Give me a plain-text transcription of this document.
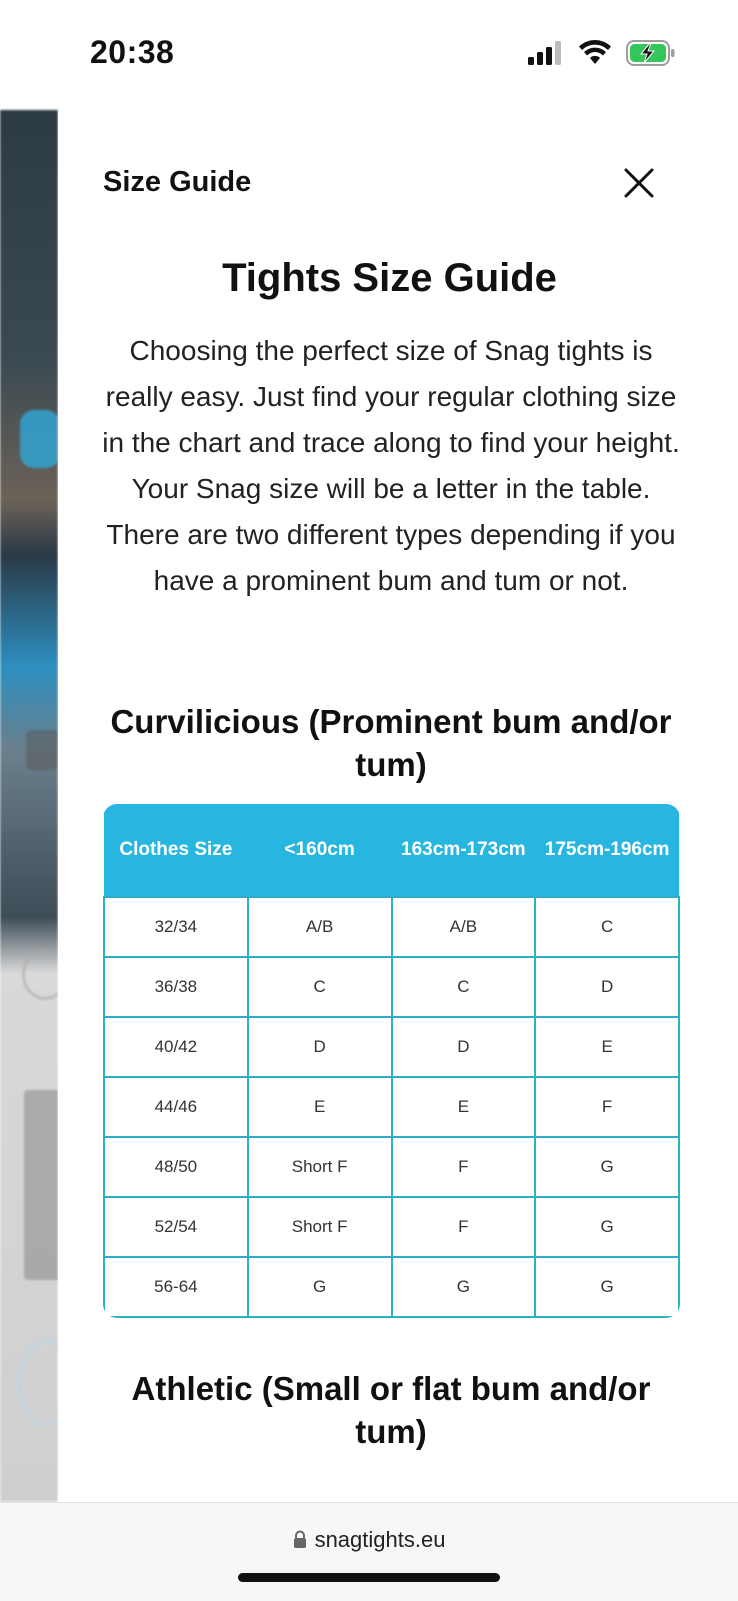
20:38
Size Guide
Tights Size Guide
Choosing the perfect size of Snag tights is really easy. Just find your regular clothing size in the chart and trace along to find your height. Your Snag size will be a letter in the table. There are two different types depending if you have a prominent bum and tum or not.
Curvilicious (Prominent bum and/or tum)
Clothes Size	<160cm	163cm-173cm	175cm-196cm
32/34	A/B	A/B	C
36/38	C	C	D
40/42	D	D	E
44/46	E	E	F
48/50	Short F	F	G
52/54	Short F	F	G
56-64	G	G	G
Athletic (Small or flat bum and/or tum)
snagtights.eu
